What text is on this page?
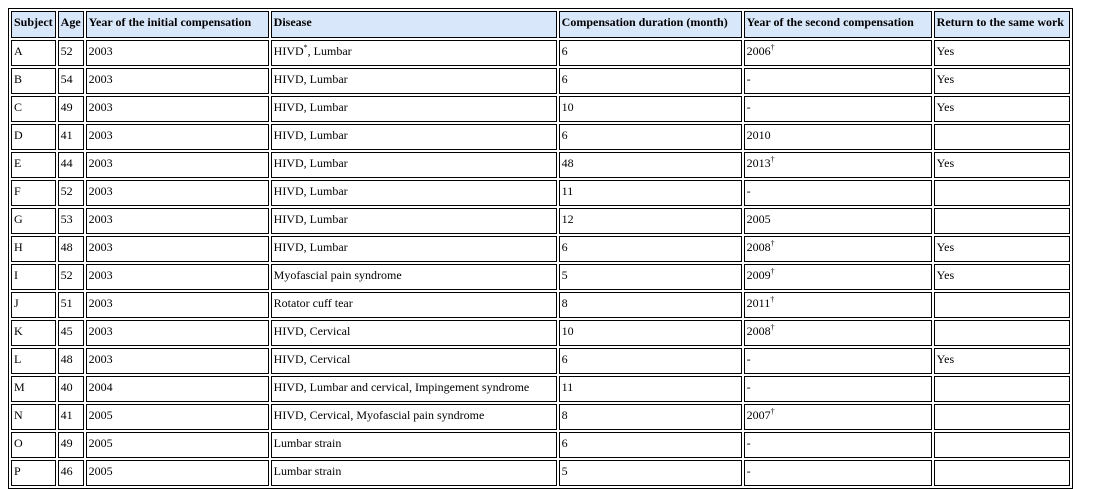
Subject	Age	Year of the initial compensation	Disease	Compensation duration (month)	Year of the second compensation	Return to the same work
A	52	2003	HIVD*, Lumbar	6	2006†	Yes
B	54	2003	HIVD, Lumbar	6	-	Yes
C	49	2003	HIVD, Lumbar	10	-	Yes
D	41	2003	HIVD, Lumbar	6	2010	
E	44	2003	HIVD, Lumbar	48	2013†	Yes
F	52	2003	HIVD, Lumbar	11	-	
G	53	2003	HIVD, Lumbar	12	2005	
H	48	2003	HIVD, Lumbar	6	2008†	Yes
I	52	2003	Myofascial pain syndrome	5	2009†	Yes
J	51	2003	Rotator cuff tear	8	2011†	
K	45	2003	HIVD, Cervical	10	2008†	
L	48	2003	HIVD, Cervical	6	-	Yes
M	40	2004	HIVD, Lumbar and cervical, Impingement syndrome	11	-	
N	41	2005	HIVD, Cervical, Myofascial pain syndrome	8	2007†	
O	49	2005	Lumbar strain	6	-	
P	46	2005	Lumbar strain	5	-	
